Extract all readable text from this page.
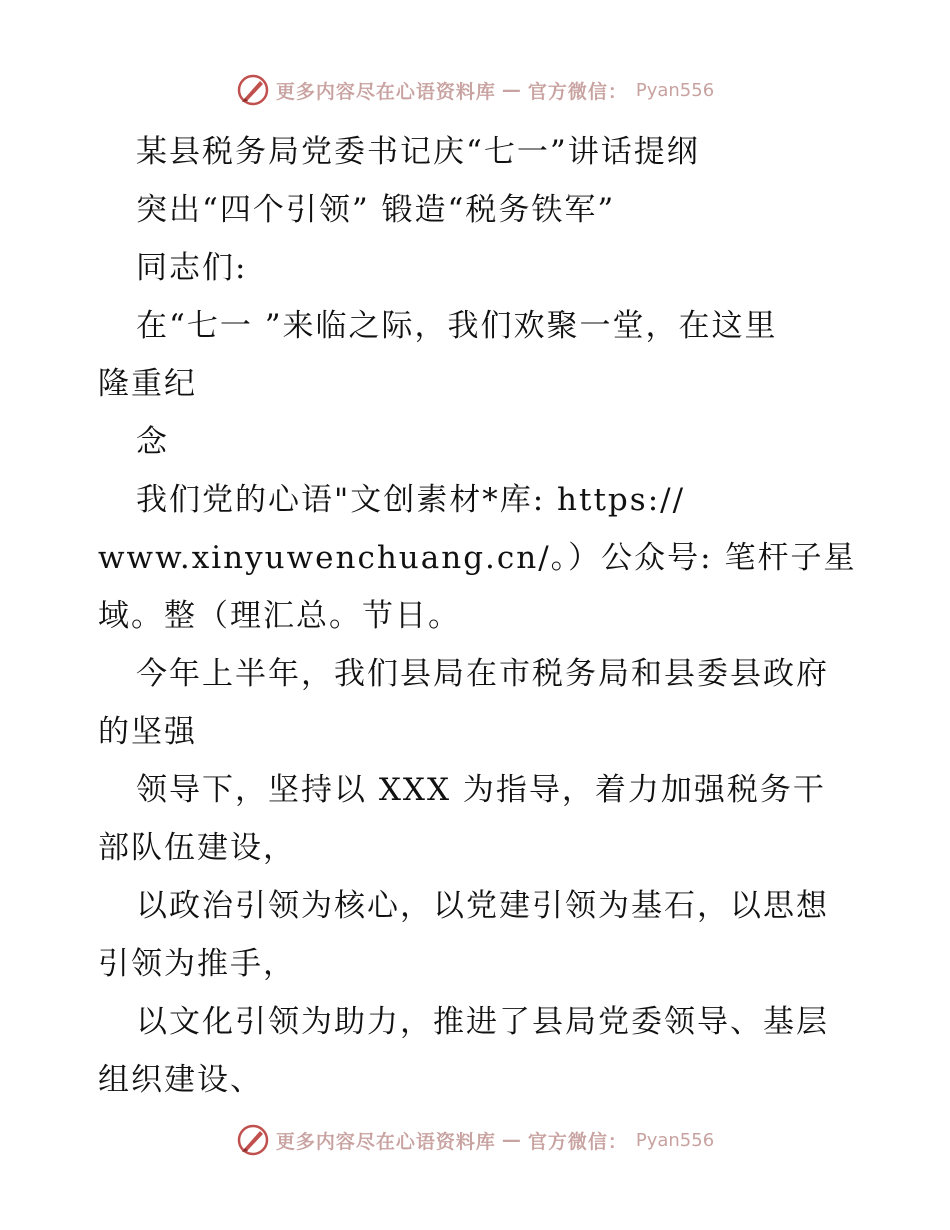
更多内容尽在心语资料库 — 官方微信： Pyan556
某县税务局党委书记庆“七一”讲话提纲
突出“四个引领” 锻造“税务铁军”
同志们:
在“七一 ”来临之际，我们欢聚一堂，在这里
隆重纪
念
我们党的心语"文创素材*库: https://
www.xinyuwenchuang.cn/。）公众号: 笔杆子星
域。整（理汇总。节日。
今年上半年，我们县局在市税务局和县委县政府
的坚强
领导下，坚持以 XXX 为指导，着力加强税务干
部队伍建设，
以政治引领为核心，以党建引领为基石，以思想
引领为推手，
以文化引领为助力，推进了县局党委领导、基层
组织建设、
更多内容尽在心语资料库 — 官方微信： Pyan556
